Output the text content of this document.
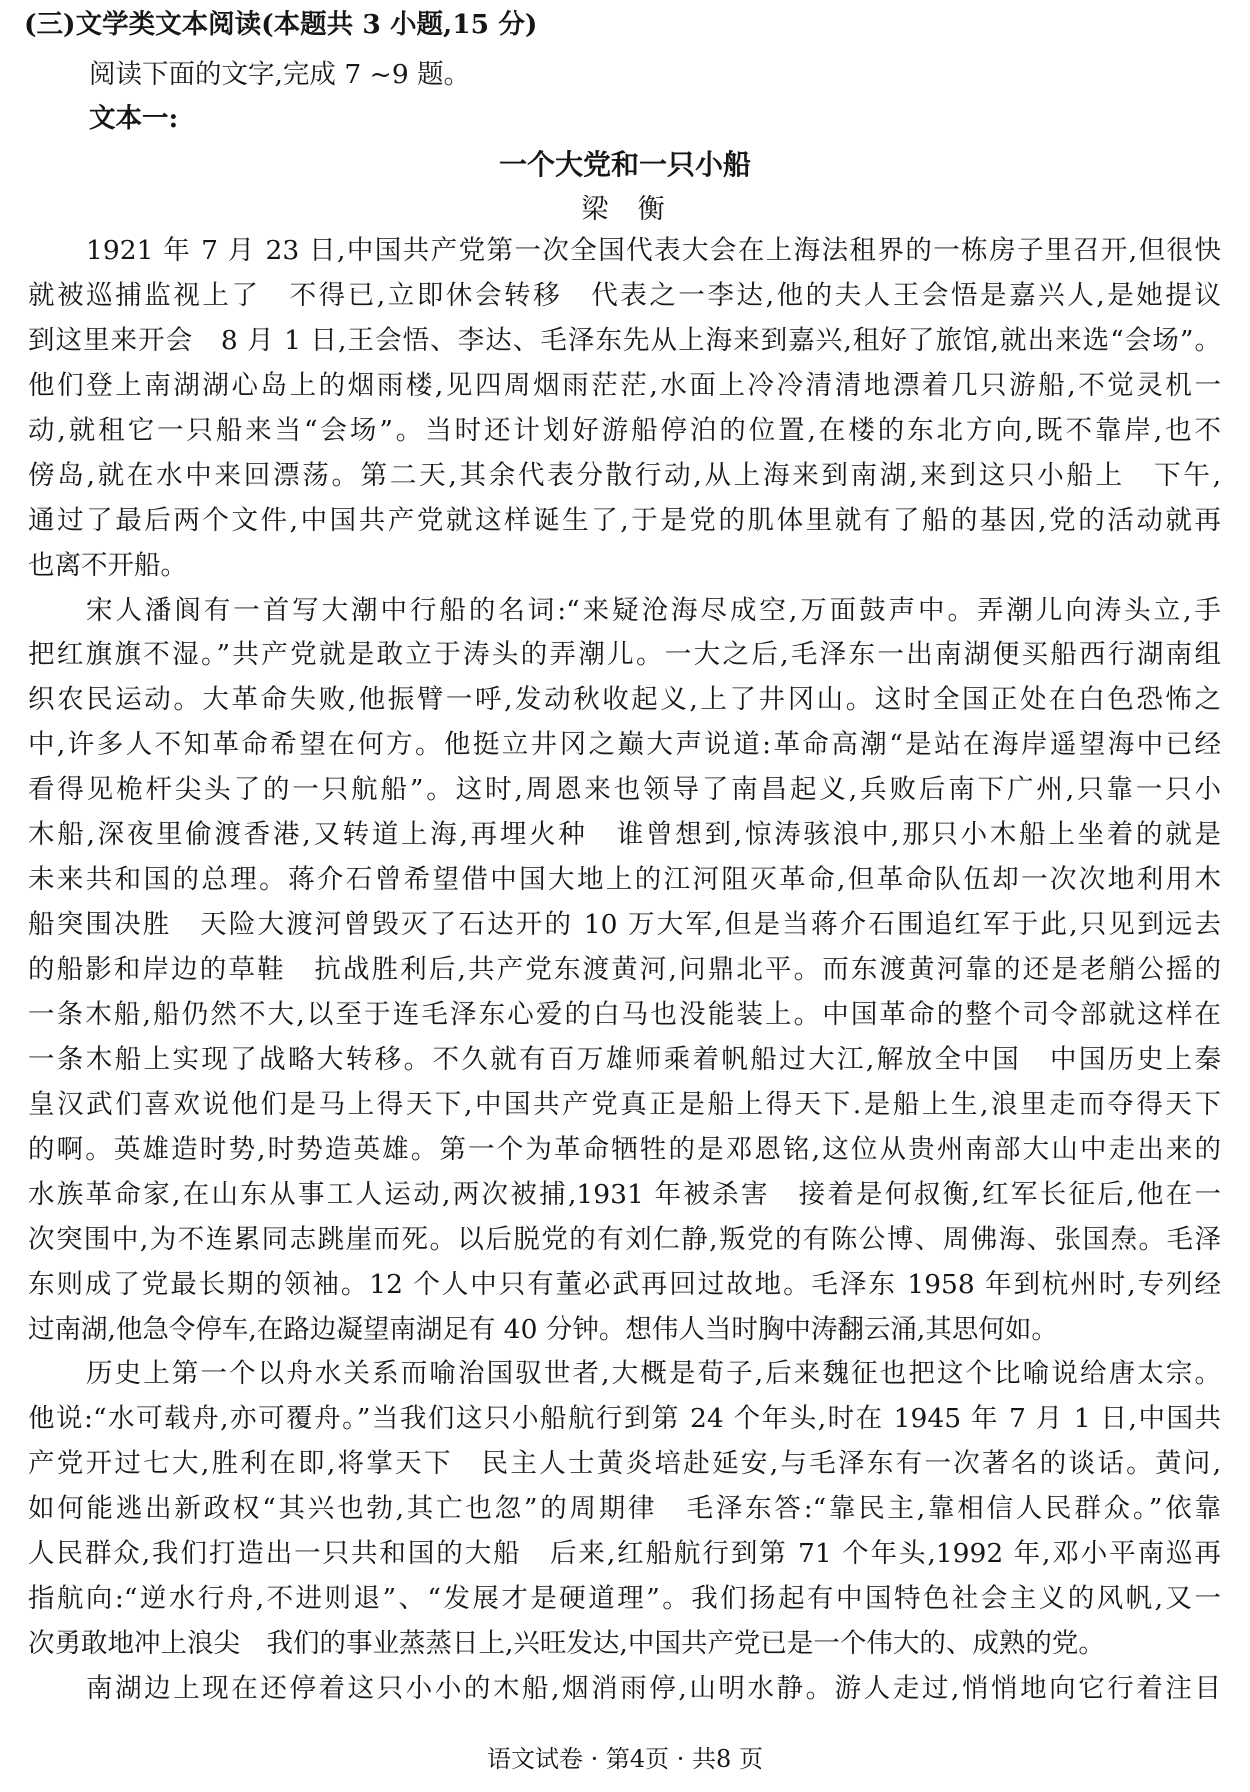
(三)文学类文本阅读(本题共 3 小题,15 分)
阅读下面的文字,完成 7 ~9 题。
文本一:
一个大党和一只小船
梁  衡
1921 年 7 月 23 日,中国共产党第一次全国代表大会在上海法租界的一栋房子里召开,但很快
就被巡捕监视上了　不得已,立即休会转移　代表之一李达,他的夫人王会悟是嘉兴人,是她提议
到这里来开会　8 月 1 日,王会悟、李达、毛泽东先从上海来到嘉兴,租好了旅馆,就出来选“会场”。
他们登上南湖湖心岛上的烟雨楼,见四周烟雨茫茫,水面上冷冷清清地漂着几只游船,不觉灵机一
动,就租它一只船来当“会场”。当时还计划好游船停泊的位置,在楼的东北方向,既不靠岸,也不
傍岛,就在水中来回漂荡。第二天,其余代表分散行动,从上海来到南湖,来到这只小船上　下午,
通过了最后两个文件,中国共产党就这样诞生了,于是党的肌体里就有了船的基因,党的活动就再
也离不开船。
宋人潘阆有一首写大潮中行船的名词:“来疑沧海尽成空,万面鼓声中。弄潮儿向涛头立,手
把红旗旗不湿。”共产党就是敢立于涛头的弄潮儿。一大之后,毛泽东一出南湖便买船西行湖南组
织农民运动。大革命失败,他振臂一呼,发动秋收起义,上了井冈山。这时全国正处在白色恐怖之
中,许多人不知革命希望在何方。他挺立井冈之巅大声说道:革命高潮“是站在海岸遥望海中已经
看得见桅杆尖头了的一只航船”。这时,周恩来也领导了南昌起义,兵败后南下广州,只靠一只小
木船,深夜里偷渡香港,又转道上海,再埋火种　谁曾想到,惊涛骇浪中,那只小木船上坐着的就是
未来共和国的总理。蒋介石曾希望借中国大地上的江河阻灭革命,但革命队伍却一次次地利用木
船突围决胜　天险大渡河曾毁灭了石达开的 10 万大军,但是当蒋介石围追红军于此,只见到远去
的船影和岸边的草鞋　抗战胜利后,共产党东渡黄河,问鼎北平。而东渡黄河靠的还是老艄公摇的
一条木船,船仍然不大,以至于连毛泽东心爱的白马也没能装上。中国革命的整个司令部就这样在
一条木船上实现了战略大转移。不久就有百万雄师乘着帆船过大江,解放全中国　中国历史上秦
皇汉武们喜欢说他们是马上得天下,中国共产党真正是船上得天下.是船上生,浪里走而夺得天下
的啊。英雄造时势,时势造英雄。第一个为革命牺牲的是邓恩铭,这位从贵州南部大山中走出来的
水族革命家,在山东从事工人运动,两次被捕,1931 年被杀害　接着是何叔衡,红军长征后,他在一
次突围中,为不连累同志跳崖而死。以后脱党的有刘仁静,叛党的有陈公博、周佛海、张国焘。毛泽
东则成了党最长期的领袖。12 个人中只有董必武再回过故地。毛泽东 1958 年到杭州时,专列经
过南湖,他急令停车,在路边凝望南湖足有 40 分钟。想伟人当时胸中涛翻云涌,其思何如。
历史上第一个以舟水关系而喻治国驭世者,大概是荀子,后来魏征也把这个比喻说给唐太宗。
他说:“水可载舟,亦可覆舟。”当我们这只小船航行到第 24 个年头,时在 1945 年 7 月 1 日,中国共
产党开过七大,胜利在即,将掌天下　民主人士黄炎培赴延安,与毛泽东有一次著名的谈话。黄问,
如何能逃出新政权“其兴也勃,其亡也忽”的周期律　毛泽东答:“靠民主,靠相信人民群众。”依靠
人民群众,我们打造出一只共和国的大船　后来,红船航行到第 71 个年头,1992 年,邓小平南巡再
指航向:“逆水行舟,不进则退”、“发展才是硬道理”。我们扬起有中国特色社会主义的风帆,又一
次勇敢地冲上浪尖　我们的事业蒸蒸日上,兴旺发达,中国共产党已是一个伟大的、成熟的党。
南湖边上现在还停着这只小小的木船,烟消雨停,山明水静。游人走过,悄悄地向它行着注目
语文试卷 · 第4页 · 共8 页
